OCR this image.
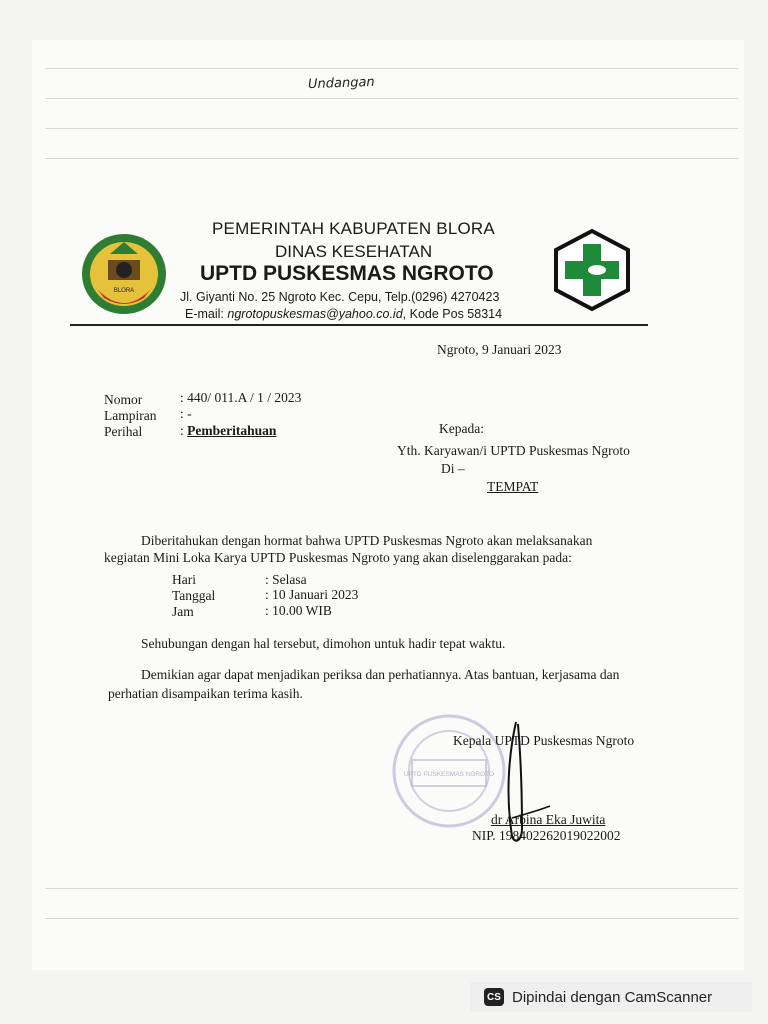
Undangan
BLORA
PEMERINTAH KABUPATEN BLORA
DINAS KESEHATAN
UPTD PUSKESMAS NGROTO
Jl. Giyanti No. 25 Ngroto Kec. Cepu, Telp.(0296) 4270423
E-mail: ngrotopuskesmas@yahoo.co.id, Kode Pos 58314
Ngroto, 9 Januari 2023
Nomor	: 440/ 011.A / 1 / 2023
Lampiran : -
Perihal	: Pemberitahuan	Kepada:
Yth. Karyawan/i UPTD Puskesmas Ngroto
Di –
TEMPAT
Diberitahukan dengan hormat bahwa UPTD Puskesmas Ngroto akan melaksanakan
kegiatan Mini Loka Karya UPTD Puskesmas Ngroto yang akan diselenggarakan pada:
Hari	: Selasa
Tanggal	: 10 Januari 2023
Jam	: 10.00 WIB
Sehubungan dengan hal tersebut, dimohon untuk hadir tepat waktu.
Demikian agar dapat menjadikan periksa dan perhatiannya. Atas bantuan, kerjasama dan
perhatian disampaikan terima kasih.
UPTD PUSKESMAS NGROTO
Kepala UPTD Puskesmas Ngroto
dr Arbina Eka Juwita
NIP. 198402262019022002
CS Dipindai dengan CamScanner
